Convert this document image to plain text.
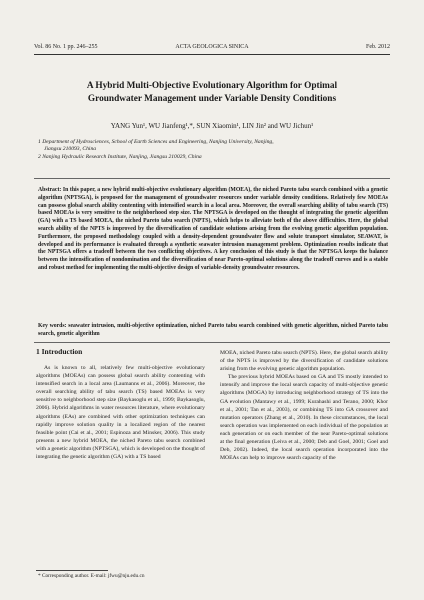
Vol. 86 No. 1 pp. 246–255	ACTA GEOLOGICA SINICA	Feb. 2012
A Hybrid Multi-Objective Evolutionary Algorithm for Optimal
Groundwater Management under Variable Density Conditions
YANG Yun¹, WU Jianfeng¹,*, SUN Xiaomin¹, LIN Jin² and WU Jichun¹
1 Department of Hydrosciences, School of Earth Sciences and Engineering, Nanjing University, Nanjing,
Jiangsu 210093, China
2 Nanjing Hydraulic Research Institute, Nanjing, Jiangsu 210029, China
Abstract: In this paper, a new hybrid multi-objective evolutionary algorithm (MOEA), the niched Pareto tabu search combined with a genetic algorithm (NPTSGA), is proposed for the management of groundwater resources under variable density conditions. Relatively few MOEAs can possess global search ability contenting with intensified search in a local area. Moreover, the overall searching ability of tabu search (TS) based MOEAs is very sensitive to the neighborhood step size. The NPTSGA is developed on the thought of integrating the genetic algorithm (GA) with a TS based MOEA, the niched Pareto tabu search (NPTS), which helps to alleviate both of the above difficulties. Here, the global search ability of the NPTS is improved by the diversification of candidate solutions arising from the evolving genetic algorithm population. Furthermore, the proposed methodology coupled with a density-dependent groundwater flow and solute transport simulator, SEAWAT, is developed and its performance is evaluated through a synthetic seawater intrusion management problem. Optimization results indicate that the NPTSGA offers a tradeoff between the two conflicting objectives. A key conclusion of this study is that the NPTSGA keeps the balance between the intensification of nondomination and the diversification of near Pareto-optimal solutions along the tradeoff curves and is a stable and robust method for implementing the multi-objective design of variable-density groundwater resources.
Key words: seawater intrusion, multi-objective optimization, niched Pareto tabu search combined with genetic algorithm, niched Pareto tabu search, genetic algorithm
1 Introduction

As is known to all, relatively few multi-objective evolutionary algorithms (MOEAs) can possess global search ability contenting with intensified search in a local area (Laumanns et al., 2006). Moreover, the overall searching ability of tabu search (TS) based MOEAs is very sensitive to neighborhood step size (Baykasoglu et al., 1999; Baykasoglu, 2006). Hybrid algorithms in water resources literature, where evolutionary algorithms (EAs) are combined with other optimization techniques can rapidly improve solution quality in a localized region of the nearest feasible point (Cai et al., 2001; Espinoza and Minsker, 2006). This study presents a new hybrid MOEA, the niched Pareto tabu search combined with a genetic algorithm (NPTSGA), which is developed on the thought of integrating the genetic algorithm (GA) with a TS based

MOEA, niched Pareto tabu search (NPTS). Here, the global search ability of the NPTS is improved by the diversification of candidate solutions arising from the evolving genetic algorithm population.

The previous hybrid MOEAs based on GA and TS mostly intended to intensify and improve the local search capacity of multi-objective genetic algorithms (MOGA) by introducing neighborhood strategy of TS into the GA evolution (Mantawy et al., 1999; Kurahashi and Terano, 2000; Khor et al., 2001; Tan et al., 2003), or combining TS into GA crossover and mutation operators (Zhang et al., 2010). In these circumstances, the local search operation was implemented on each individual of the population at each generation or on each member of the near Pareto-optimal solutions at the final generation (Leiva et al., 2000; Deb and Goel, 2001; Goel and Deb, 2002). Indeed, the local search operation incorporated into the MOEAs can help to improve search capacity of the

* Corresponding author. E-mail: jfwu@nju.edu.cn
